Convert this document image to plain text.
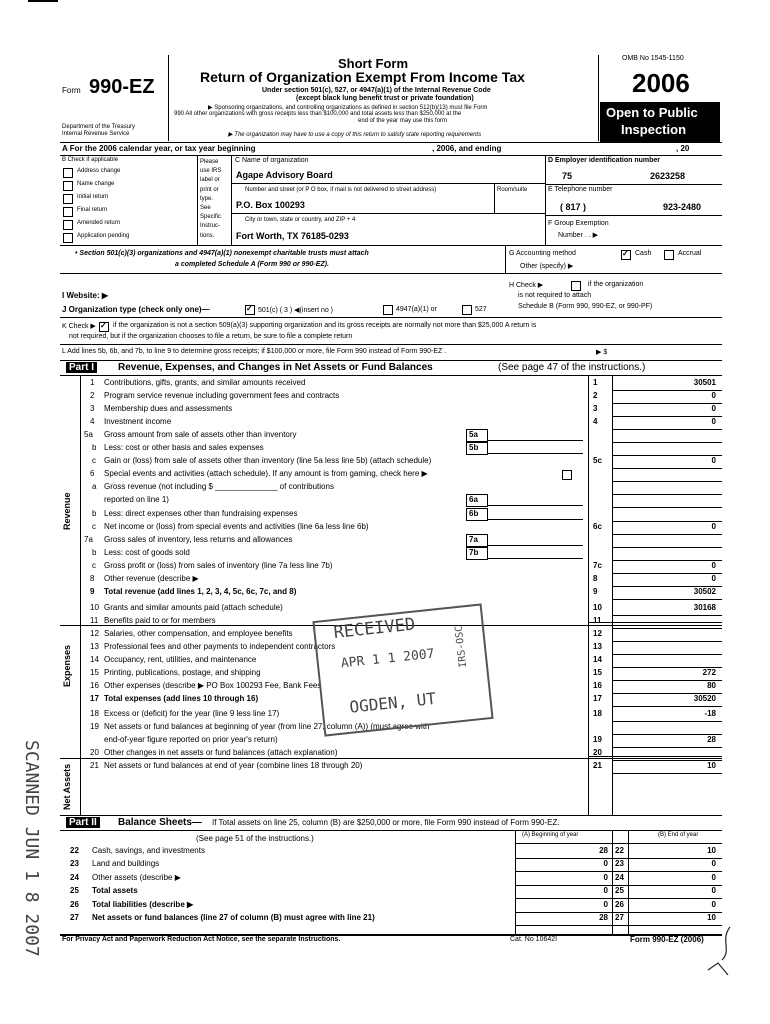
Form 990-EZ
Department of the Treasury
Internal Revenue Service
Short Form
Return of Organization Exempt From Income Tax
Under section 501(c), 527, or 4947(a)(1) of the Internal Revenue Code
(except black lung benefit trust or private foundation)
▶ Sponsoring organizations, and controlling organizations as defined in section 512(b)(13) must file Form
990 All other organizations with gross receipts less than $100,000 and total assets less than $250,000 at the
end of the year may use this form
▶ The organization may have to use a copy of this return to satisfy state reporting requirements
OMB No 1545-1150
2006
Open to Public
Inspection
A For the 2006 calendar year, or tax year beginning	, 2006, and ending	, 20
B Check if applicable
Address change
Name change
Initial return
Final return
Amended return
Application pending
Please
use IRS
label or
print or
type.
See
Specific
Instruc-
tions.
C Name of organization
Agape Advisory Board
Number and street (or P O box, if mail is not delivered to street address)	Room/suite
P.O. Box 100293
City or town, state or country, and ZIP + 4
Fort Worth, TX 76185-0293
D Employer identification number
75	2623258
E Telephone number
( 817 )	923-2480
F Group Exemption
Number . . ▶
• Section 501(c)(3) organizations and 4947(a)(1) nonexempt charitable trusts must attach
a completed Schedule A (Form 990 or 990-EZ).
G Accounting method	✓ Cash	Accrual
Other (specify) ▶
H Check ▶	if the organization
is not required to attach
Schedule B (Form 990, 990-EZ, or 990-PF)
I Website: ▶
J Organization type (check only one)—	✓ 501(c) ( 3 ) ◀(insert no )	4947(a)(1) or	527
K Check ▶ ✓ if the organization is not a section 509(a)(3) supporting organization and its gross receipts are normally not more than $25,000 A return is
not required, but if the organization chooses to file a return, be sure to file a complete return
L Add lines 5b, 6b, and 7b, to line 9 to determine gross receipts; if $100,000 or more, file Form 990 instead of Form 990-EZ .	▶ $
Part I	Revenue, Expenses, and Changes in Net Assets or Fund Balances	(See page 47 of the instructions.)
Revenue
Expenses
Net Assets
1 Contributions, gifts, grants, and similar amounts received	1	30501
2 Program service revenue including government fees and contracts	2	0
3 Membership dues and assessments	3	0
4 Investment income	4	0
5a Gross amount from sale of assets other than inventory	5a
b Less: cost or other basis and sales expenses	5b
c Gain or (loss) from sale of assets other than inventory (line 5a less line 5b) (attach schedule)	5c	0
6 Special events and activities (attach schedule). If any amount is from gaming, check here ▶
a Gross revenue (not including $ ______________ of contributions
reported on line 1)	6a
b Less: direct expenses other than fundraising expenses	6b
c Net income or (loss) from special events and activities (line 6a less line 6b)	6c	0
7a Gross sales of inventory, less returns and allowances	7a
b Less: cost of goods sold	7b
c Gross profit or (loss) from sales of inventory (line 7a less line 7b)	7c	0
8 Other revenue (describe ▶	8	0
9 Total revenue (add lines 1, 2, 3, 4, 5c, 6c, 7c, and 8)	9	30502
10 Grants and similar amounts paid (attach schedule)	10	30168
11 Benefits paid to or for members	11
12 Salaries, other compensation, and employee benefits	12
13 Professional fees and other payments to independent contractors	13
14 Occupancy, rent, utilities, and maintenance	14
15 Printing, publications, postage, and shipping	15	272
16 Other expenses (describe ▶ PO Box 100293 Fee, Bank Fees	16	80
17 Total expenses (add lines 10 through 16)	17	30520
18 Excess or (deficit) for the year (line 9 less line 17)	18	-18
19 Net assets or fund balances at beginning of year (from line 27, column (A)) (must agree with
end-of-year figure reported on prior year's return)	19	28
20 Other changes in net assets or fund balances (attach explanation)	20
21 Net assets or fund balances at end of year (combine lines 18 through 20)	21	10
Part II	Balance Sheets— If Total assets on line 25, column (B) are $250,000 or more, file Form 990 instead of Form 990-EZ.
(See page 51 of the instructions.)	(A) Beginning of year	(B) End of year
22 Cash, savings, and investments	28 22	10
23 Land and buildings	0 23	0
24 Other assets (describe ▶	0 24	0
25 Total assets	0 25	0
26 Total liabilities (describe ▶	0 26	0
27 Net assets or fund balances (line 27 of column (B) must agree with line 21)	28 27	10
For Privacy Act and Paperwork Reduction Act Notice, see the separate Instructions.	Cat. No 10642I	Form 990-EZ (2006)
RECEIVED
APR 1 1 2007
OGDEN, UT
IRS-OSC
SCANNED JUN 1 8 2007
